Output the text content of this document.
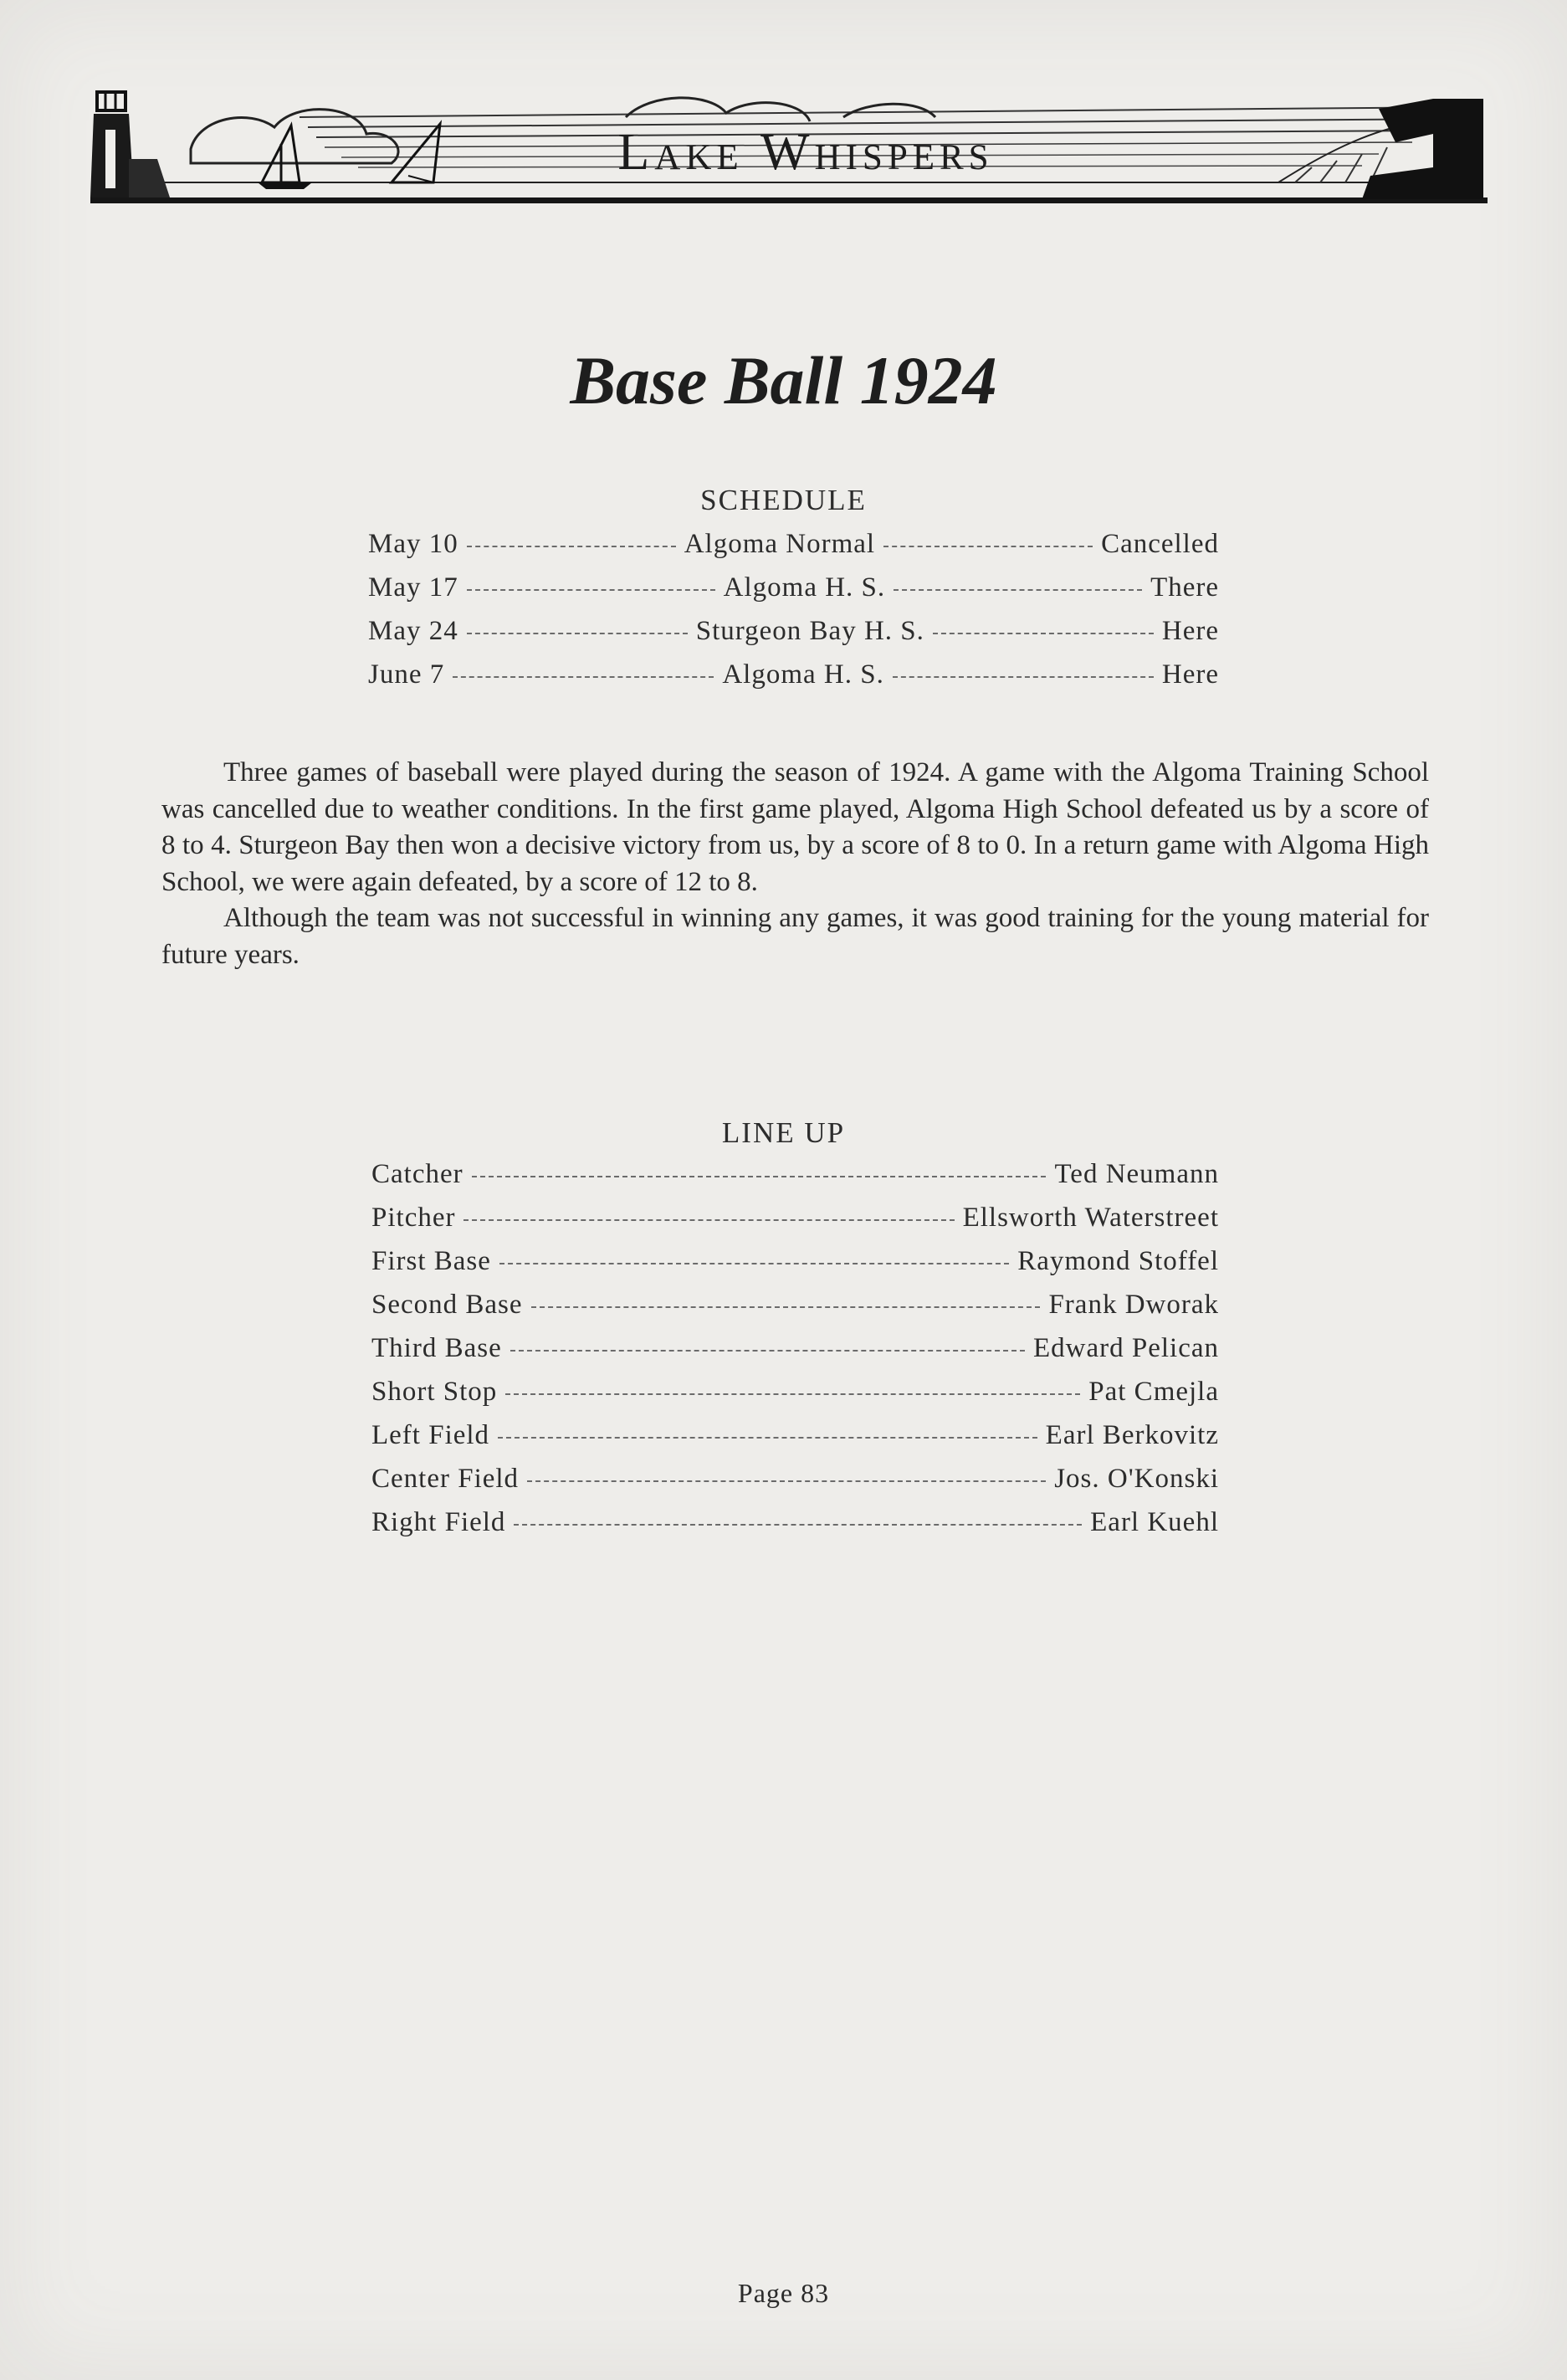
Lake Whispers
Base Ball 1924
SCHEDULE
May 10	Algoma Normal	Cancelled
May 17	Algoma H. S.	There
May 24	Sturgeon Bay H. S.	Here
June 7	Algoma H. S.	Here

Three games of baseball were played during the season of 1924. A game with the Algoma Training School was cancelled due to weather conditions. In the first game played, Algoma High School defeated us by a score of 8 to 4. Sturgeon Bay then won a decisive victory from us, by a score of 8 to 0. In a return game with Algoma High School, we were again defeated, by a score of 12 to 8.

Although the team was not successful in winning any games, it was good training for the young material for future years.

LINE UP
Catcher	Ted Neumann
Pitcher	Ellsworth Waterstreet
First Base	Raymond Stoffel
Second Base	Frank Dworak
Third Base	Edward Pelican
Short Stop	Pat Cmejla
Left Field	Earl Berkovitz
Center Field	Jos. O'Konski
Right Field	Earl Kuehl
Page 83
